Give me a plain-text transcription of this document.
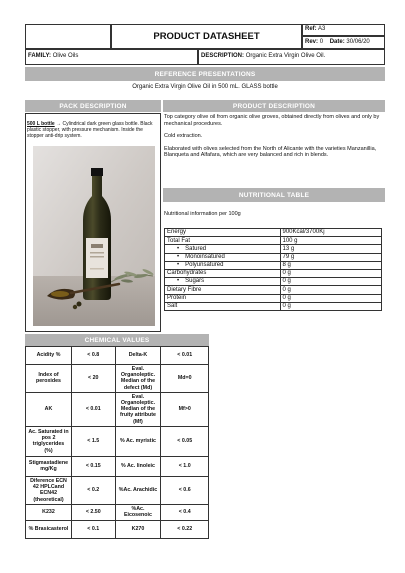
PRODUCT DATASHEET
Ref: A3
Rev: 0 Date: 30/06/20
FAMILY: Olive Oils	DESCRIPTION: Organic Extra Virgin Olive Oil.
REFERENCE PRESENTATIONS
Organic Extra Virgin Olive Oil in 500 mL. GLASS bottle
PACK DESCRIPTION	PRODUCT DESCRIPTION
500 L bottle → Cylindrical dark green glass bottle. Black plastic stopper, with pressure mechanism. Inside the stopper anti-drip system.
Top category olive oil from organic olive groves, obtained directly from olives and only by mechanical procedures.
Cold extraction.
Elaborated with olives selected from the North of Alicante with the varieties Manzanillia, Blanqueta and Alfafara, which are very balanced and rich in blends.
NUTRITIONAL TABLE
Nutritional information per 100g
Energy	900Kcal/3700Kj
Total Fat	100 g
• Satured	13 g
• Monoinsatured	79 g
• Polyunsatured	8 g
Carbohydrates	0 g
• Sugars	0 g
Dietary Fibre	0 g
Protein	0 g
Salt	0 g
CHEMICAL VALUES
Acidity %	< 0.8	Delta-K	< 0.01
Index of peroxides	< 20	Eval. Organoleptic. Median of the defect (Md)	Md=0
AK	< 0.01	Eval. Organoleptic. Median of the fruity attribute (Mf)	Mf>0
Ac. Saturated in pos 2 triglycerides (%)	< 1.5	% Ac. myristic	< 0.05
Stigmastadiene mg/Kg	< 0.15	% Ac. linoleic	< 1.0
Diference ECN 42 HPLCand ECN42 (theoretical)	< 0.2	%Ac. Arachidic	< 0.6
K232	< 2.50	%Ac. Eicosenoic	< 0.4
% Brasicasterol	< 0.1	K270	< 0.22
